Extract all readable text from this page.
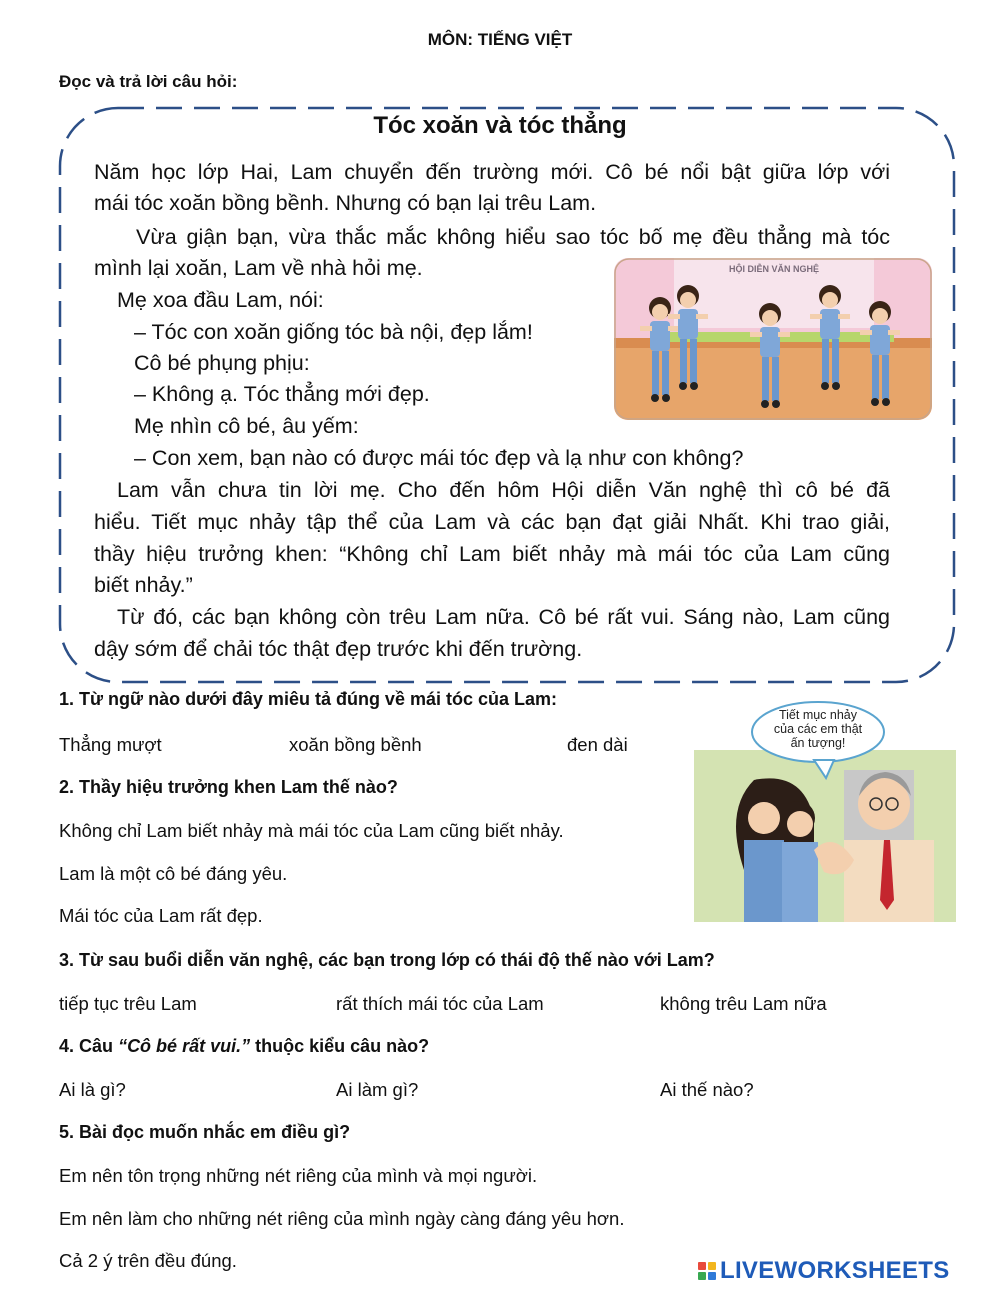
MÔN: TIẾNG VIỆT
Đọc và trả lời câu hỏi:
Tóc xoăn và tóc thẳng
Năm học lớp Hai, Lam chuyển đến trường mới. Cô bé nổi bật giữa lớp với
mái tóc xoăn bồng bềnh. Nhưng có bạn lại trêu Lam.
Vừa giận bạn, vừa thắc mắc không hiểu sao tóc bố mẹ đều thẳng mà tóc
mình lại xoăn, Lam về nhà hỏi mẹ.
Mẹ xoa đầu Lam, nói:
– Tóc con xoăn giống tóc bà nội, đẹp lắm!
Cô bé phụng phịu:
– Không ạ. Tóc thẳng mới đẹp.
Mẹ nhìn cô bé, âu yếm:
– Con xem, bạn nào có được mái tóc đẹp và lạ như con không?
Lam vẫn chưa tin lời mẹ. Cho đến hôm Hội diễn Văn nghệ thì cô bé đã
hiểu. Tiết mục nhảy tập thể của Lam và các bạn đạt giải Nhất. Khi trao giải,
thầy hiệu trưởng khen: “Không chỉ Lam biết nhảy mà mái tóc của Lam cũng
biết nhảy.”
Từ đó, các bạn không còn trêu Lam nữa. Cô bé rất vui. Sáng nào, Lam cũng
dậy sớm để chải tóc thật đẹp trước khi đến trường.
HỘI DIỄN VĂN NGHỆ
Tiết mục nhảy
của các em thật
ấn tượng!
1. Từ ngữ nào dưới đây miêu tả đúng về mái tóc của Lam:
Thẳng mượt	xoăn bồng bềnh	đen dài
2. Thầy hiệu trưởng khen Lam thế nào?
Không chỉ Lam biết nhảy mà mái tóc của Lam cũng biết nhảy.
Lam là một cô bé đáng yêu.
Mái tóc của Lam rất đẹp.
3. Từ sau buổi diễn văn nghệ, các bạn trong lớp có thái độ thế nào với Lam?
tiếp tục trêu Lam	rất thích mái tóc của Lam	không trêu Lam nữa
4. Câu “Cô bé rất vui.” thuộc kiểu câu nào?
Ai là gì?	Ai làm gì?	Ai thế nào?
5. Bài đọc muốn nhắc em điều gì?
Em nên tôn trọng những nét riêng của mình và mọi người.
Em nên làm cho những nét riêng của mình ngày càng đáng yêu hơn.
Cả 2 ý trên đều đúng.	LIVEWORKSHEETS
